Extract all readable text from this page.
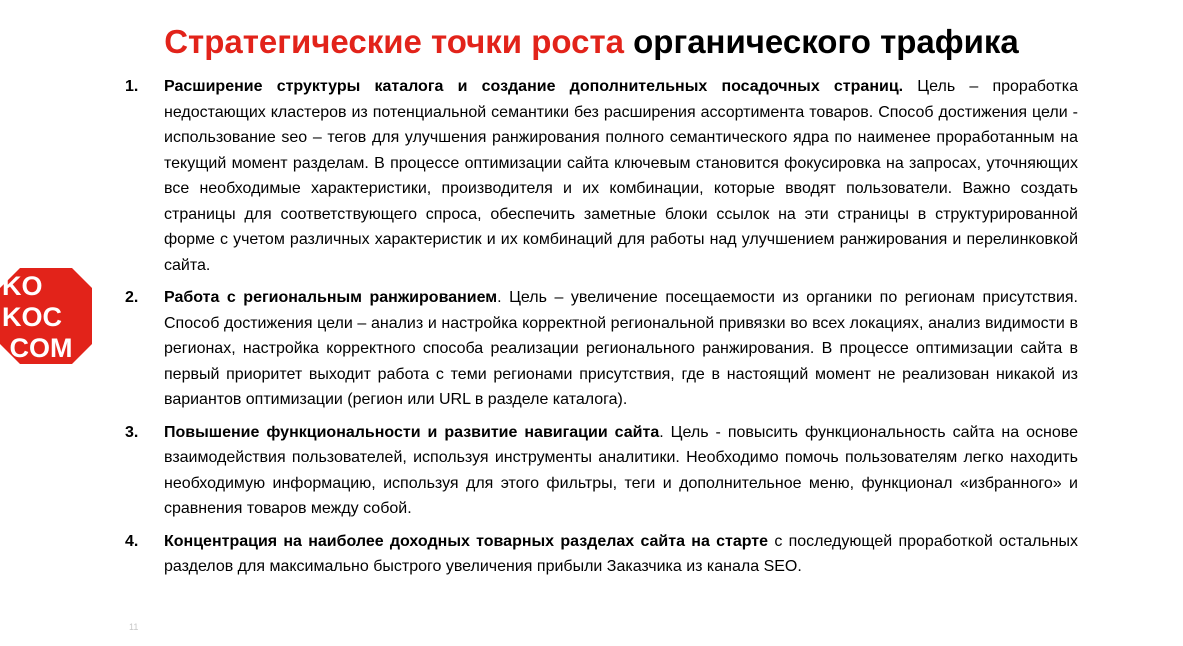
Стратегические точки роста органического трафика
KO
KOC
.COM
1. Расширение структуры каталога и создание дополнительных посадочных страниц. Цель – проработка недостающих кластеров из потенциальной семантики без расширения ассортимента товаров. Способ достижения цели - использование seo – тегов для улучшения ранжирования полного семантического ядра по наименее проработанным на текущий момент разделам. В процессе оптимизации сайта ключевым становится фокусировка на запросах, уточняющих все необходимые характеристики, производителя и их комбинации, которые вводят пользователи. Важно создать страницы для соответствующего спроса, обеспечить заметные блоки ссылок на эти страницы в структурированной форме с учетом различных характеристик и их комбинаций для работы над улучшением ранжирования и перелинковкой сайта.
2. Работа с региональным ранжированием. Цель – увеличение посещаемости из органики по регионам присутствия. Способ достижения цели – анализ и настройка корректной региональной привязки во всех локациях, анализ видимости в регионах, настройка корректного способа реализации регионального ранжирования. В процессе оптимизации сайта в первый приоритет выходит работа с теми регионами присутствия, где в настоящий момент не реализован никакой из вариантов оптимизации (регион или URL в разделе каталога).
3. Повышение функциональности и развитие навигации сайта. Цель - повысить функциональность сайта на основе взаимодействия пользователей, используя инструменты аналитики. Необходимо помочь пользователям легко находить необходимую информацию, используя для этого фильтры, теги и дополнительное меню, функционал «избранного» и сравнения товаров между собой.
4. Концентрация на наиболее доходных товарных разделах сайта на старте с последующей проработкой остальных разделов для максимально быстрого увеличения прибыли Заказчика из канала SEO.
11
